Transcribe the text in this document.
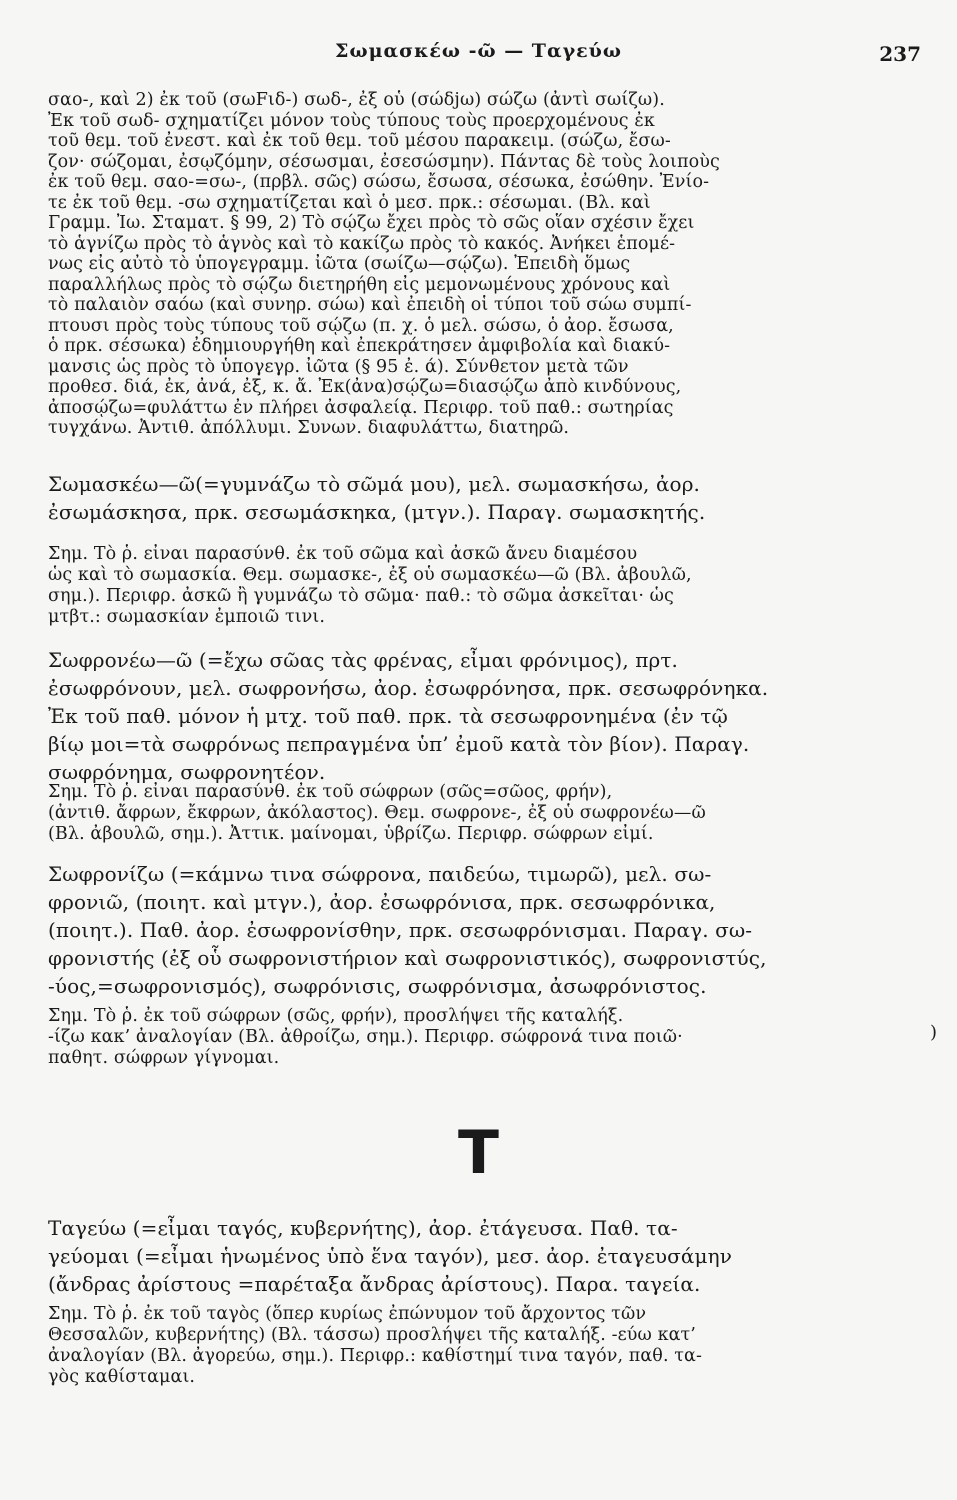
Σωμασκέω -ῶ — Ταγεύω	237
σαο-, καὶ 2) ἐκ τοῦ (σωFιδ-) σωδ-, ἐξ οὗ (σώδjω) σώζω (ἀντὶ σωίζω).
Ἐκ τοῦ σωδ- σχηματίζει μόνον τοὺς τύπους τοὺς προερχομένους ἐκ
τοῦ θεμ. τοῦ ἐνεστ. καὶ ἐκ τοῦ θεμ. τοῦ μέσου παρακειμ. (σώζω, ἔσω-
ζον· σώζομαι, ἐσῳζόμην, σέσωσμαι, ἐσεσώσμην). Πάντας δὲ τοὺς λοιποὺς
ἐκ τοῦ θεμ. σαο-=σω-, (πρβλ. σῶς) σώσω, ἔσωσα, σέσωκα, ἐσώθην. Ἐνίο-
τε ἐκ τοῦ θεμ. -σω σχηματίζεται καὶ ὁ μεσ. πρκ.: σέσωμαι. (Βλ. καὶ
Γραμμ. Ἰω. Σταματ. § 99, 2) Τὸ σῴζω ἔχει πρὸς τὸ σῶς οἵαν σχέσιν ἔχει
τὸ ἁγνίζω πρὸς τὸ ἁγνὸς καὶ τὸ κακίζω πρὸς τὸ κακός. Ἀνήκει ἑπομέ-
νως εἰς αὐτὸ τὸ ὑπογεγραμμ. ἰῶτα (σωίζω—σῴζω). Ἐπειδὴ ὅμως
παραλλήλως πρὸς τὸ σῴζω διετηρήθη εἰς μεμονωμένους χρόνους καὶ
τὸ παλαιὸν σαόω (καὶ συνηρ. σώω) καὶ ἐπειδὴ οἱ τύποι τοῦ σώω συμπί-
πτουσι πρὸς τοὺς τύπους τοῦ σῴζω (π. χ. ὁ μελ. σώσω, ὁ ἀορ. ἔσωσα,
ὁ πρκ. σέσωκα) ἐδημιουργήθη καὶ ἐπεκράτησεν ἀμφιβολία καὶ διακύ-
μανσις ὡς πρὸς τὸ ὑπογεγρ. ἰῶτα (§ 95 ἐ. ά). Σύνθετον μετὰ τῶν
προθεσ. διά, ἐκ, ἀνά, ἐξ, κ. ἄ. Ἐκ(ἀνα)σῴζω=διασῴζω ἀπὸ κινδύνους,
ἀποσῴζω=φυλάττω ἐν πλήρει ἀσφαλείᾳ. Περιφρ. τοῦ παθ.: σωτηρίας
τυγχάνω. Ἀντιθ. ἀπόλλυμι. Συνων. διαφυλάττω, διατηρῶ.
Σωμασκέω—ῶ(=γυμνάζω τὸ σῶμά μου), μελ. σωμασκήσω, ἀορ.
ἐσωμάσκησα, πρκ. σεσωμάσκηκα, (μτγν.). Παραγ. σωμασκητής.
Σημ. Τὸ ῥ. εἶναι παρασύνθ. ἐκ τοῦ σῶμα καὶ ἀσκῶ ἄνευ διαμέσου
ὡς καὶ τὸ σωμασκία. Θεμ. σωμασκε-, ἐξ οὗ σωμασκέω—ῶ (Βλ. ἀβουλῶ,
σημ.). Περιφρ. ἀσκῶ ἢ γυμνάζω τὸ σῶμα· παθ.: τὸ σῶμα ἀσκεῖται· ὡς
μτβτ.: σωμασκίαν ἐμποιῶ τινι.
Σωφρονέω—ῶ (=ἔχω σῶας τὰς φρένας, εἶμαι φρόνιμος), πρτ.
ἐσωφρόνουν, μελ. σωφρονήσω, ἀορ. ἐσωφρόνησα, πρκ. σεσωφρόνηκα.
Ἐκ τοῦ παθ. μόνον ἡ μτχ. τοῦ παθ. πρκ. τὰ σεσωφρονημένα (ἐν τῷ
βίῳ μοι=τὰ σωφρόνως πεπραγμένα ὑπ’ ἐμοῦ κατὰ τὸν βίον). Παραγ.
σωφρόνημα, σωφρονητέον.
Σημ. Τὸ ῥ. εἶναι παρασύνθ. ἐκ τοῦ σώφρων (σῶς=σῶος, φρήν),
(ἀντιθ. ἄφρων, ἔκφρων, ἀκόλαστος). Θεμ. σωφρονε-, ἐξ οὗ σωφρονέω—ῶ
(Βλ. ἀβουλῶ, σημ.). Ἀττικ. μαίνομαι, ὑβρίζω. Περιφρ. σώφρων εἰμί.
Σωφρονίζω (=κάμνω τινα σώφρονα, παιδεύω, τιμωρῶ), μελ. σω-
φρονιῶ, (ποιητ. καὶ μτγν.), ἀορ. ἐσωφρόνισα, πρκ. σεσωφρόνικα,
(ποιητ.). Παθ. ἀορ. ἐσωφρονίσθην, πρκ. σεσωφρόνισμαι. Παραγ. σω-
φρονιστής (ἐξ οὗ σωφρονιστήριον καὶ σωφρονιστικός), σωφρονιστύς,
-ύος,=σωφρονισμός), σωφρόνισις, σωφρόνισμα, ἀσωφρόνιστος.
Σημ. Τὸ ῥ. ἐκ τοῦ σώφρων (σῶς, φρήν), προσλήψει τῆς καταλήξ.
-ίζω κακ’ ἀναλογίαν (Βλ. ἀθροίζω, σημ.). Περιφρ. σώφρονά τινα ποιῶ·
παθητ. σώφρων γίγνομαι.
)
Τ
Ταγεύω (=εἶμαι ταγός, κυβερνήτης), ἀορ. ἐτάγευσα. Παθ. τα-
γεύομαι (=εἶμαι ἡνωμένος ὑπὸ ἕνα ταγόν), μεσ. ἀορ. ἐταγευσάμην
(ἄνδρας ἀρίστους =παρέταξα ἄνδρας ἀρίστους). Παρα. ταγεία.
Σημ. Τὸ ῥ. ἐκ τοῦ ταγὸς (ὅπερ κυρίως ἐπώνυμον τοῦ ἄρχοντος τῶν
Θεσσαλῶν, κυβερνήτης) (Βλ. τάσσω) προσλήψει τῆς καταλήξ. -εύω κατ’
ἀναλογίαν (Βλ. ἀγορεύω, σημ.). Περιφρ.: καθίστημί τινα ταγόν, παθ. τα-
γὸς καθίσταμαι.
